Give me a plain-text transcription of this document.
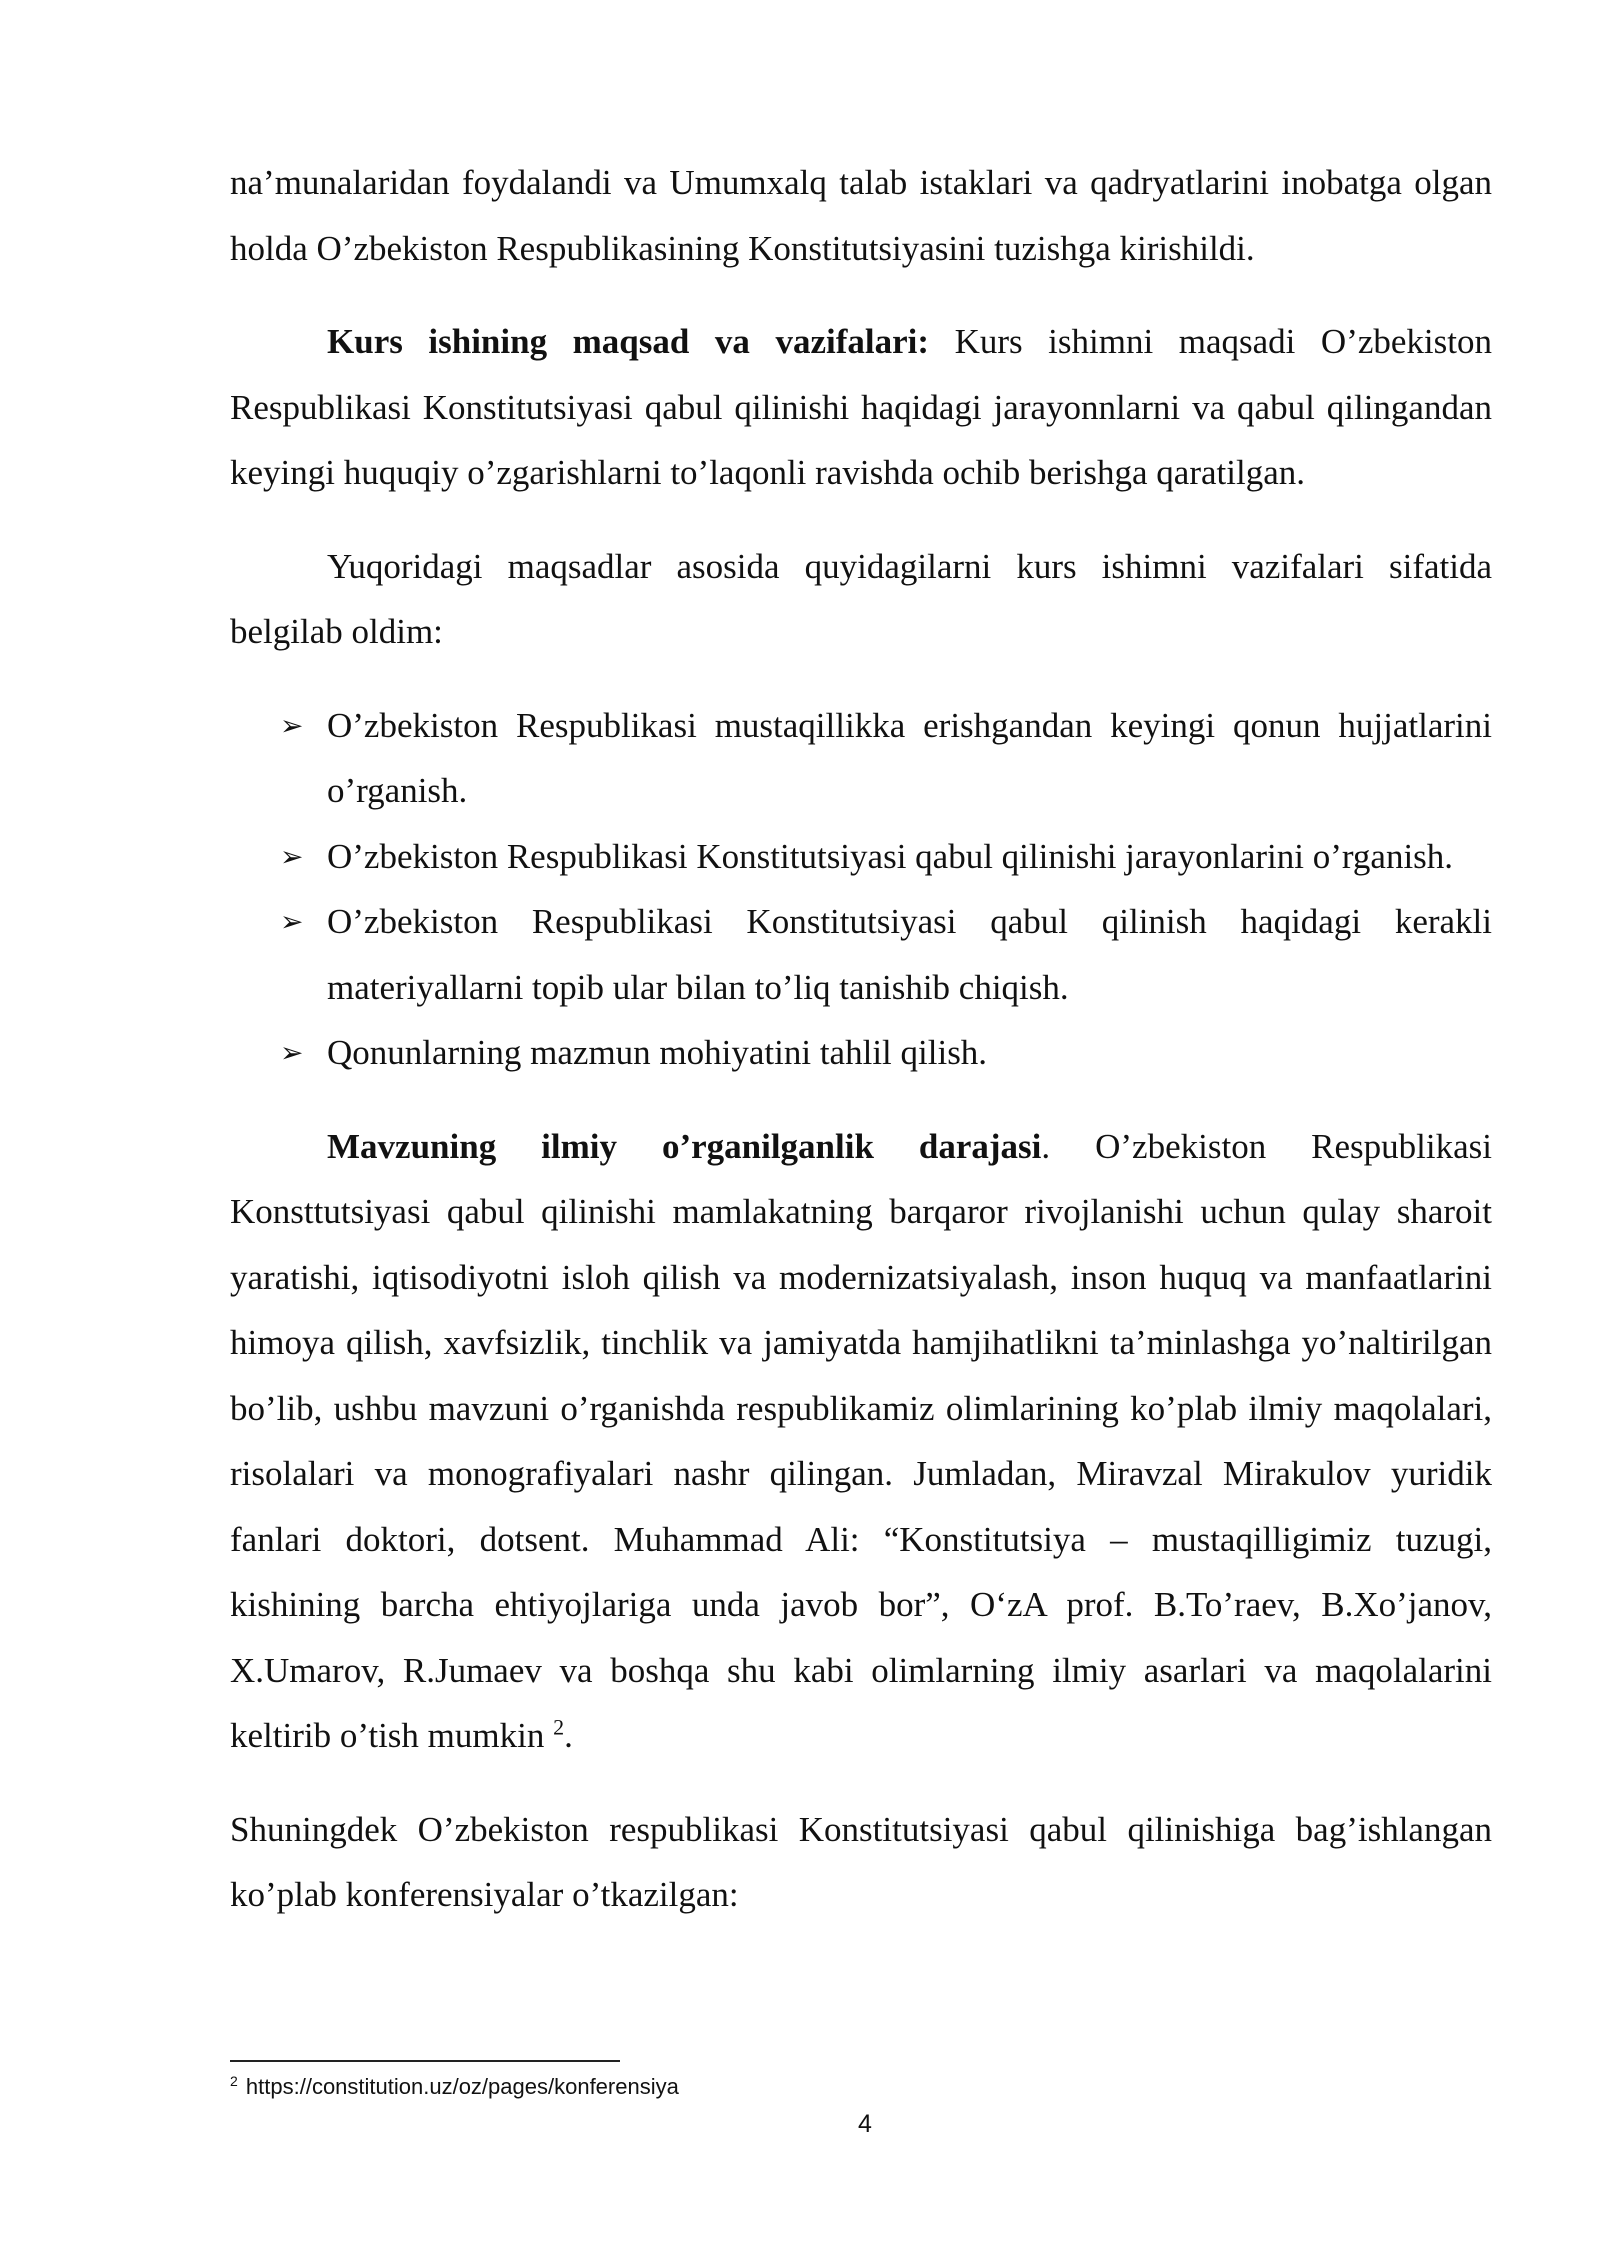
na’munalaridan foydalandi va Umumxalq talab istaklari va qadryatlarini inobatga olgan holda O’zbekiston Respublikasining Konstitutsiyasini tuzishga kirishildi.

Kurs ishining maqsad va vazifalari: Kurs ishimni maqsadi O’zbekiston Respublikasi Konstitutsiyasi qabul qilinishi haqidagi jarayonnlarni va qabul qilingandan keyingi huquqiy o’zgarishlarni to’laqonli ravishda ochib berishga qaratilgan.

Yuqoridagi maqsadlar asosida quyidagilarni kurs ishimni vazifalari sifatida belgilab oldim:

➢ O’zbekiston Respublikasi mustaqillikka erishgandan keyingi qonun hujjatlarini o’rganish.
➢ O’zbekiston Respublikasi Konstitutsiyasi qabul qilinishi jarayonlarini o’rganish.
➢ O’zbekiston Respublikasi Konstitutsiyasi qabul qilinish haqidagi kerakli materiyallarni topib ular bilan to’liq tanishib chiqish.
➢ Qonunlarning mazmun mohiyatini tahlil qilish.

Mavzuning ilmiy o’rganilganlik darajasi. O’zbekiston Respublikasi Konsttutsiyasi qabul qilinishi mamlakatning barqaror rivojlanishi uchun qulay sharoit yaratishi, iqtisodiyotni isloh qilish va modernizatsiyalash, inson huquq va manfaatlarini himoya qilish, xavfsizlik, tinchlik va jamiyatda hamjihatlikni ta’minlashga yo’naltirilgan bo’lib, ushbu mavzuni o’rganishda respublikamiz olimlarining ko’plab ilmiy maqolalari, risolalari va monografiyalari nashr qilingan. Jumladan, Miravzal Mirakulov yuridik fanlari doktori, dotsent. Muhammad Ali: “Konstitutsiya – mustaqilligimiz tuzugi, kishining barcha ehtiyojlariga unda javob bor”, O‘zA prof. B.To’raev, B.Xo’janov, X.Umarov, R.Jumaev va boshqa shu kabi olimlarning ilmiy asarlari va maqolalarini keltirib o’tish mumkin $^2$.

Shuningdek O’zbekiston respublikasi Konstitutsiyasi qabul qilinishiga bag’ishlangan ko’plab konferensiyalar o’tkazilgan:

$^2$ https://constitution.uz/oz/pages/konferensiya
4
